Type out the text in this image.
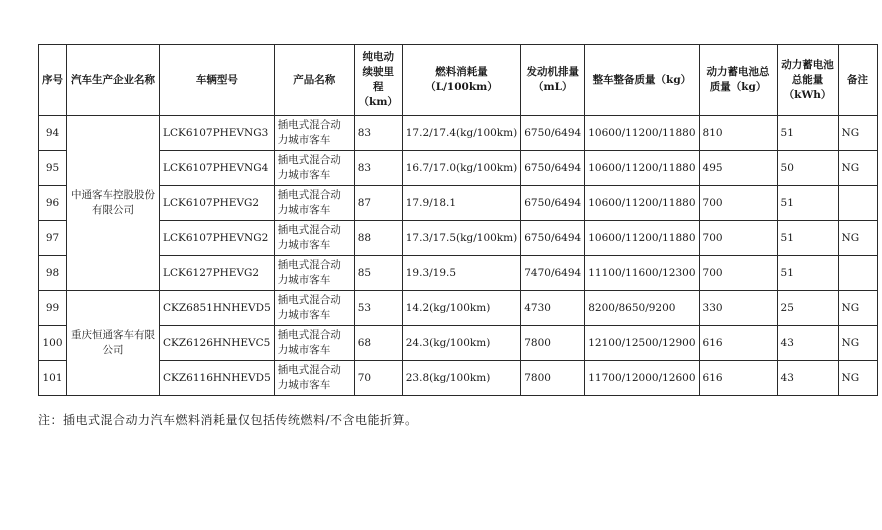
序号	汽车生产企业名称	车辆型号	产品名称	纯电动续驶里程（km）	燃料消耗量（L/100km）	发动机排量（mL）	整车整备质量（kg）	动力蓄电池总质量（kg）	动力蓄电池总能量（kWh）	备注
94	中通客车控股股份有限公司	LCK6107PHEVNG3	插电式混合动力城市客车	83	17.2/17.4(kg/100km)	6750/6494	10600/11200/11880	810	51	NG
95		LCK6107PHEVNG4	插电式混合动力城市客车	83	16.7/17.0(kg/100km)	6750/6494	10600/11200/11880	495	50	NG
96		LCK6107PHEVG2	插电式混合动力城市客车	87	17.9/18.1	6750/6494	10600/11200/11880	700	51	
97		LCK6107PHEVNG2	插电式混合动力城市客车	88	17.3/17.5(kg/100km)	6750/6494	10600/11200/11880	700	51	NG
98		LCK6127PHEVG2	插电式混合动力城市客车	85	19.3/19.5	7470/6494	11100/11600/12300	700	51	
99	重庆恒通客车有限公司	CKZ6851HNHEVD5	插电式混合动力城市客车	53	14.2(kg/100km)	4730	8200/8650/9200	330	25	NG
100		CKZ6126HNHEVC5	插电式混合动力城市客车	68	24.3(kg/100km)	7800	12100/12500/12900	616	43	NG
101		CKZ6116HNHEVD5	插电式混合动力城市客车	70	23.8(kg/100km)	7800	11700/12000/12600	616	43	NG
注：插电式混合动力汽车燃料消耗量仅包括传统燃料/不含电能折算。
